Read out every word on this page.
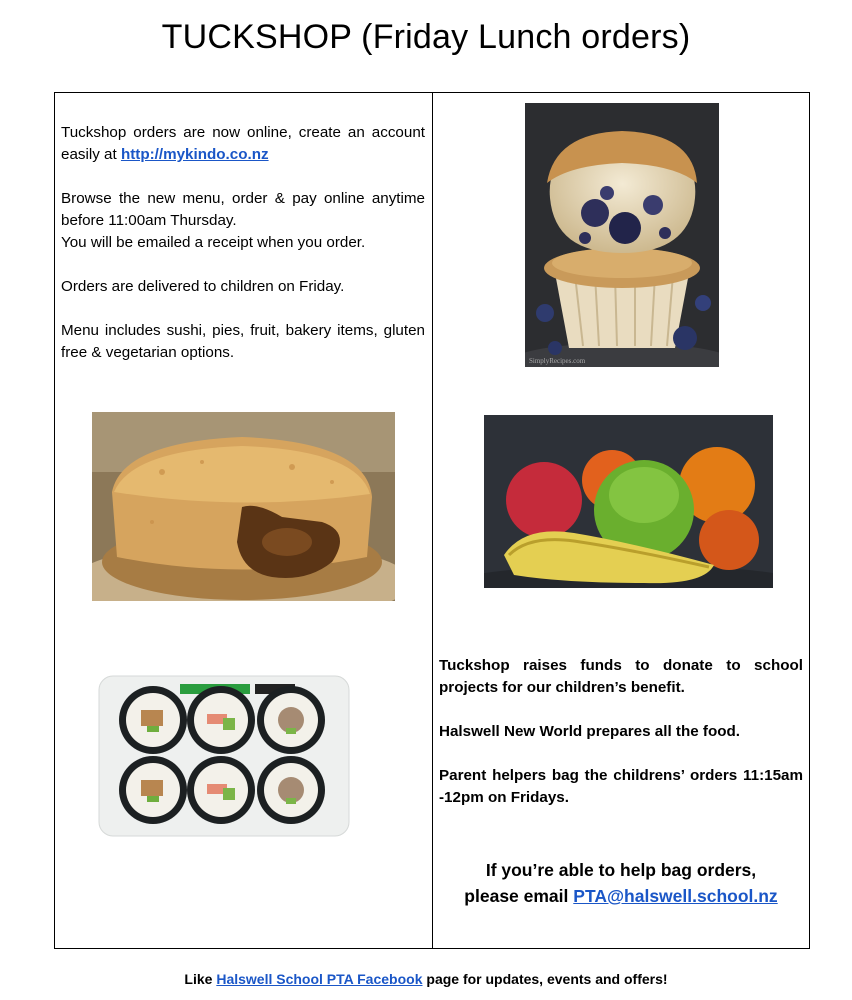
TUCKSHOP (Friday Lunch orders)

Tuckshop orders are now online, create an account easily at http://mykindo.co.nz

Browse the new menu, order & pay online anytime before 11:00am Thursday.
You will be emailed a receipt when you order.

Orders are delivered to children on Friday.

Menu includes sushi, pies, fruit, bakery items, gluten free & vegetarian options.	SimplyRecipes.com

Tuckshop raises funds to donate to school projects for our children’s benefit.

Halswell New World prepares all the food.

Parent helpers bag the childrens’ orders 11:15am -12pm on Fridays.

If you’re able to help bag orders,
please email PTA@halswell.school.nz
Like Halswell School PTA Facebook page for updates, events and offers!
